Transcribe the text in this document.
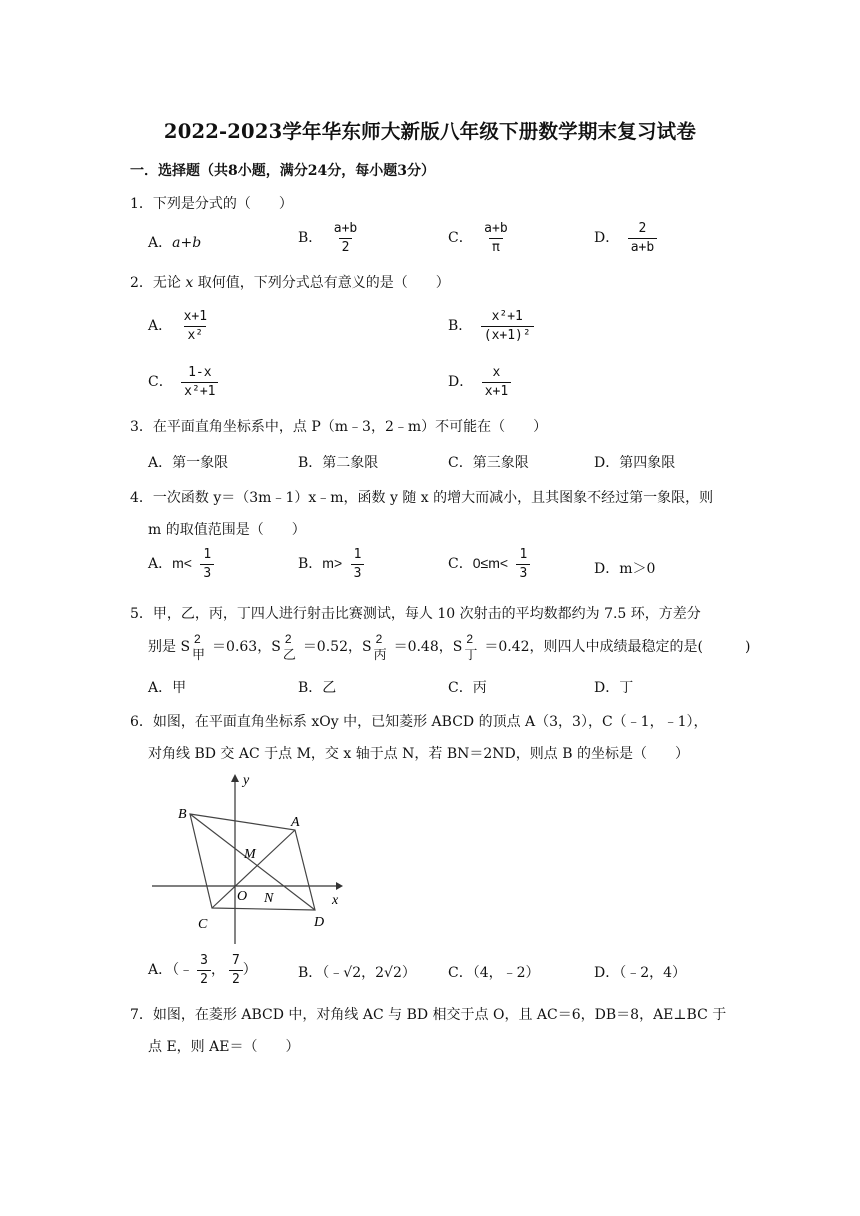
2022-2023学年华东师大新版八年级下册数学期末复习试卷
一．选择题（共8小题，满分24分，每小题3分）
1．下列是分式的（　　）
A．a+b	B． $\frac{a+b}{2}$	C． $\frac{a+b}{\pi}$	D． $\frac{2}{a+b}$
2．无论 x 取何值，下列分式总有意义的是（　　）
A． $\frac{x+1}{\text{x²}}$	B． $\frac{\text{x²+1}}{\text{(x+1)²}}$
C． $\frac{1-x}{\text{x²+1}}$	D． $\frac{x}{x+1}$
3．在平面直角坐标系中，点 P（m﹣3，2﹣m）不可能在（　　）
A．第一象限	B．第二象限	C．第三象限	D．第四象限
4．一次函数 y＝（3m﹣1）x﹣m，函数 y 随 x 的增大而减小，且其图象不经过第一象限，则
m 的取值范围是（　　）
A．$m< \frac{1}{3}$	B．$m> \frac{1}{3}$	C．$0\le m< \frac{1}{3}$	D．m＞0
5．甲，乙，丙，丁四人进行射击比赛测试，每人 10 次射击的平均数都约为 7.5 环，方差分
别是 S 2
甲
＝0.63，S 2
乙
＝0.52，S 2
丙
＝0.48，S 2
丁
＝0.42，则四人中成绩最稳定的是(　　　)
A．甲	B．乙	C．丙	D．丁
6．如图，在平面直角坐标系 xOy 中，已知菱形 ABCD 的顶点 A（3，3），C（﹣1，﹣1），
对角线 BD 交 AC 于点 M，交 x 轴于点 N，若 BN＝2ND，则点 B 的坐标是（　　）
B
A
M
O N
C	D
x
y
A．（﹣ $\frac{3}{2}$ ， $\frac{7}{2}$ ）	B．（﹣√2，2√2） C．（4，﹣2）	D．（﹣2，4）
7．如图，在菱形 ABCD 中，对角线 AC 与 BD 相交于点 O，且 AC＝6，DB＝8，AE⊥BC 于
点 E，则 AE＝（　　）
